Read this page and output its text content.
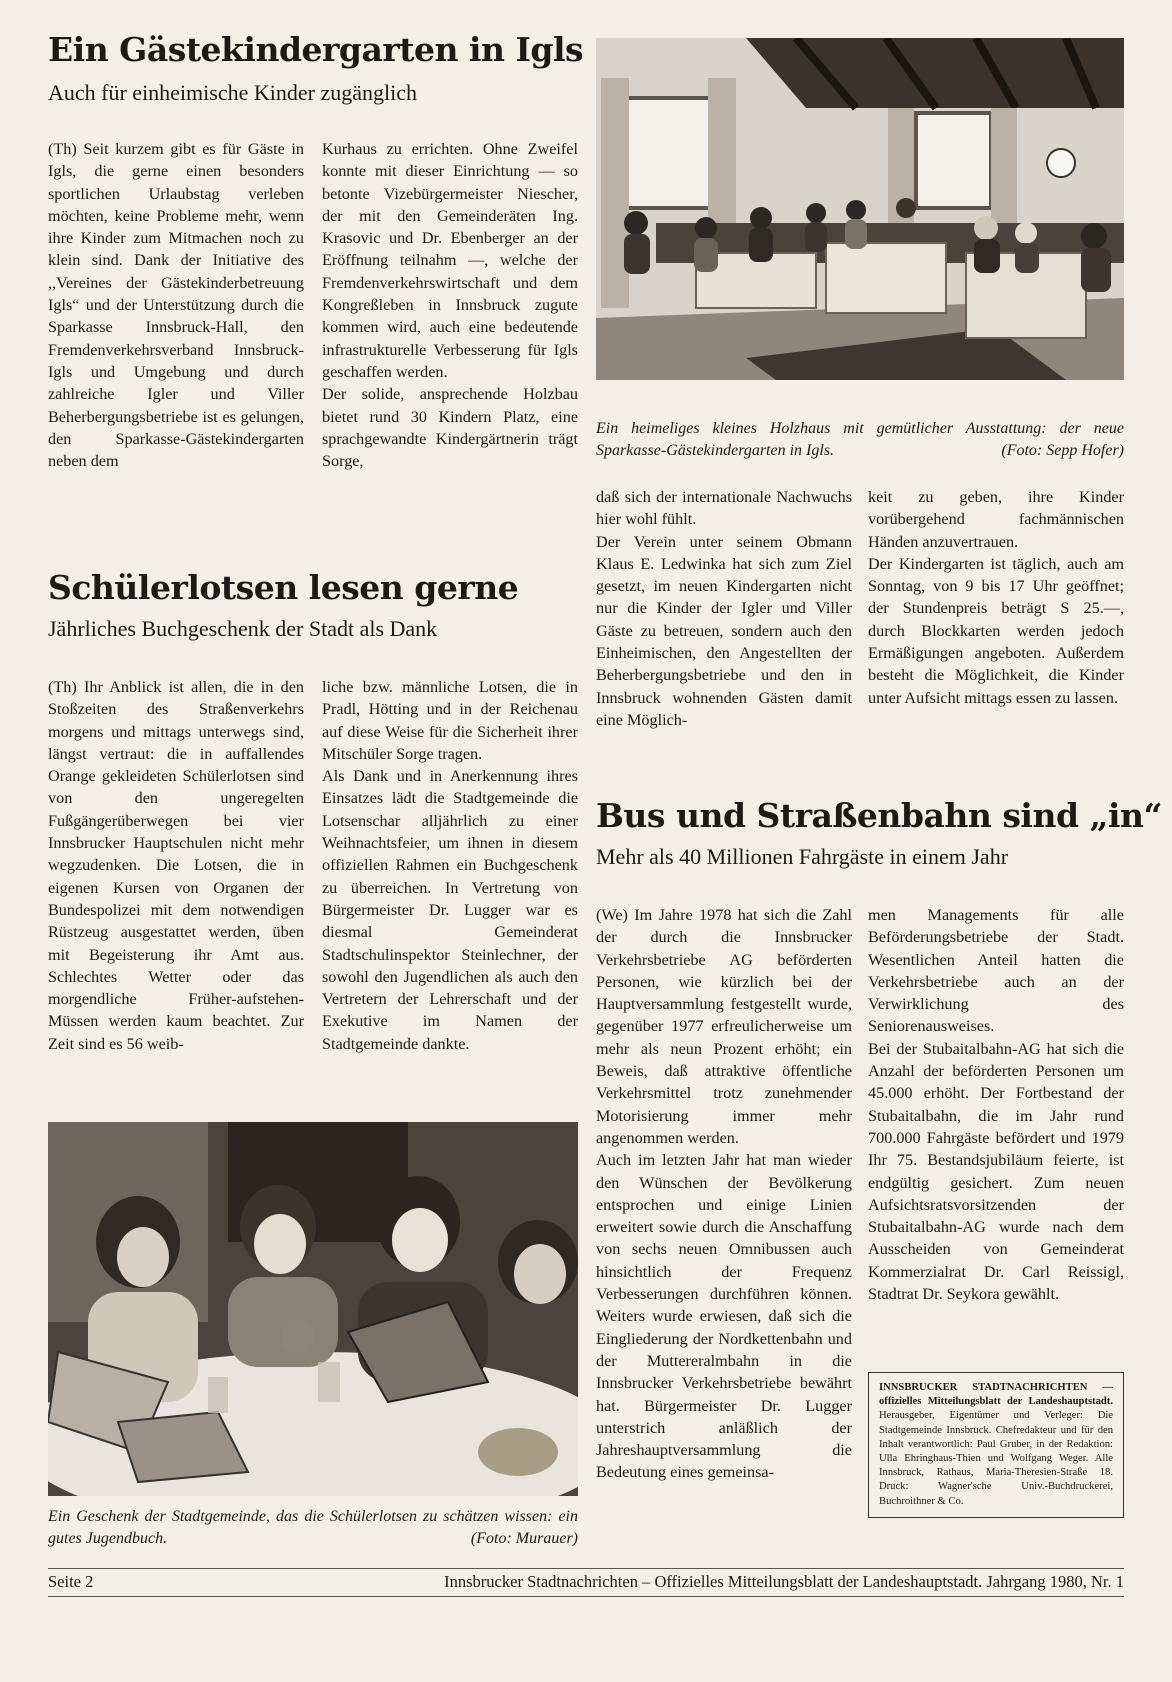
Ein Gästekindergarten in Igls

Auch für einheimische Kinder zugänglich

(Th) Seit kurzem gibt es für Gäste in Igls, die gerne einen besonders sportlichen Urlaubstag verleben möchten, keine Probleme mehr, wenn ihre Kinder zum Mitmachen noch zu klein sind. Dank der Initiative des ,,Vereines der Gästekinderbetreuung Igls“ und der Unterstützung durch die Sparkasse Innsbruck-Hall, den Fremdenverkehrsverband Innsbruck-Igls und Umgebung und durch zahlreiche Igler und Viller Beherbergungsbetriebe ist es gelungen, den Sparkasse-Gästekindergarten neben dem

Kurhaus zu errichten. Ohne Zweifel konnte mit dieser Einrichtung — so betonte Vizebürgermeister Niescher, der mit den Gemeinderäten Ing. Krasovic und Dr. Ebenberger an der Eröffnung teilnahm —, welche der Fremdenverkehrswirtschaft und dem Kongreßleben in Innsbruck zugute kommen wird, auch eine bedeutende infrastrukturelle Verbesserung für Igls geschaffen werden.

Der solide, ansprechende Holzbau bietet rund 30 Kindern Platz, eine sprachgewandte Kindergärtnerin trägt Sorge,

Ein heimeliges kleines Holzhaus mit gemütlicher Ausstattung: der neue Sparkasse-Gästekindergarten in Igls.	(Foto: Sepp Hofer)

daß sich der internationale Nachwuchs hier wohl fühlt.

Der Verein unter seinem Obmann Klaus E. Ledwinka hat sich zum Ziel gesetzt, im neuen Kindergarten nicht nur die Kinder der Igler und Viller Gäste zu betreuen, sondern auch den Einheimischen, den Angestellten der Beherbergungsbetriebe und den in Innsbruck wohnenden Gästen damit eine Möglich-

keit zu geben, ihre Kinder vorübergehend fachmännischen Händen anzuvertrauen.

Der Kindergarten ist täglich, auch am Sonntag, von 9 bis 17 Uhr geöffnet; der Stundenpreis beträgt S 25.—, durch Blockkarten werden jedoch Ermäßigungen angeboten. Außerdem besteht die Möglichkeit, die Kinder unter Aufsicht mittags essen zu lassen.

Schülerlotsen lesen gerne

Jährliches Buchgeschenk der Stadt als Dank

(Th) Ihr Anblick ist allen, die in den Stoßzeiten des Straßenverkehrs morgens und mittags unterwegs sind, längst vertraut: die in auffallendes Orange gekleideten Schülerlotsen sind von den ungeregelten Fußgängerüberwegen bei vier Innsbrucker Hauptschulen nicht mehr wegzudenken. Die Lotsen, die in eigenen Kursen von Organen der Bundespolizei mit dem notwendigen Rüstzeug ausgestattet werden, üben mit Begeisterung ihr Amt aus. Schlechtes Wetter oder das morgendliche Früher-aufstehen-Müssen werden kaum beachtet. Zur Zeit sind es 56 weib-

liche bzw. männliche Lotsen, die in Pradl, Hötting und in der Reichenau auf diese Weise für die Sicherheit ihrer Mitschüler Sorge tragen.

Als Dank und in Anerkennung ihres Einsatzes lädt die Stadtgemeinde die Lotsenschar alljährlich zu einer Weihnachtsfeier, um ihnen in diesem offiziellen Rahmen ein Buchgeschenk zu überreichen. In Vertretung von Bürgermeister Dr. Lugger war es diesmal Gemeinderat Stadtschulinspektor Steinlechner, der sowohl den Jugendlichen als auch den Vertretern der Lehrerschaft und der Exekutive im Namen der Stadtgemeinde dankte.

Ein Geschenk der Stadtgemeinde, das die Schülerlotsen zu schätzen wissen: ein gutes Jugendbuch.	(Foto: Murauer)
Bus und Straßenbahn sind „in“

Mehr als 40 Millionen Fahrgäste in einem Jahr

(We) Im Jahre 1978 hat sich die Zahl der durch die Innsbrucker Verkehrsbetriebe AG beförderten Personen, wie kürzlich bei der Hauptversammlung festgestellt wurde, gegenüber 1977 erfreulicherweise um mehr als neun Prozent erhöht; ein Beweis, daß attraktive öffentliche Verkehrsmittel trotz zunehmender Motorisierung immer mehr angenommen werden.

Auch im letzten Jahr hat man wieder den Wünschen der Bevölkerung entsprochen und einige Linien erweitert sowie durch die Anschaffung von sechs neuen Omnibussen auch hinsichtlich der Frequenz Verbesserungen durchführen können. Weiters wurde erwiesen, daß sich die Eingliederung der Nordkettenbahn und der Muttereralmbahn in die Innsbrucker Verkehrsbetriebe bewährt hat. Bürgermeister Dr. Lugger unterstrich anläßlich der Jahreshauptversammlung die Bedeutung eines gemeinsa-

men Managements für alle Beförderungsbetriebe der Stadt. Wesentlichen Anteil hatten die Verkehrsbetriebe auch an der Verwirklichung des Seniorenausweises.

Bei der Stubaitalbahn-AG hat sich die Anzahl der beförderten Personen um 45.000 erhöht. Der Fortbestand der Stubaitalbahn, die im Jahr rund 700.000 Fahrgäste befördert und 1979 Ihr 75. Bestandsjubiläum feierte, ist endgültig gesichert. Zum neuen Aufsichtsratsvorsitzenden der Stubaitalbahn-AG wurde nach dem Ausscheiden von Gemeinderat Kommerzialrat Dr. Carl Reissigl, Stadtrat Dr. Seykora gewählt.

INNSBRUCKER STADTNACHRICHTEN — offizielles Mitteilungsblatt der Landeshauptstadt. Herausgeber, Eigentümer und Verleger: Die Stadtgemeinde Innsbruck. Chefredakteur und für den Inhalt verantwortlich: Paul Gruber, in der Redaktion: Ulla Ehringhaus-Thien und Wolfgang Weger. Alle Innsbruck, Rathaus, Maria-Theresien-Straße 18. Druck: Wagner'sche Univ.-Buchdruckerei, Buchroithner & Co.
Seite 2	Innsbrucker Stadtnachrichten – Offizielles Mitteilungsblatt der Landeshauptstadt. Jahrgang 1980, Nr. 1
